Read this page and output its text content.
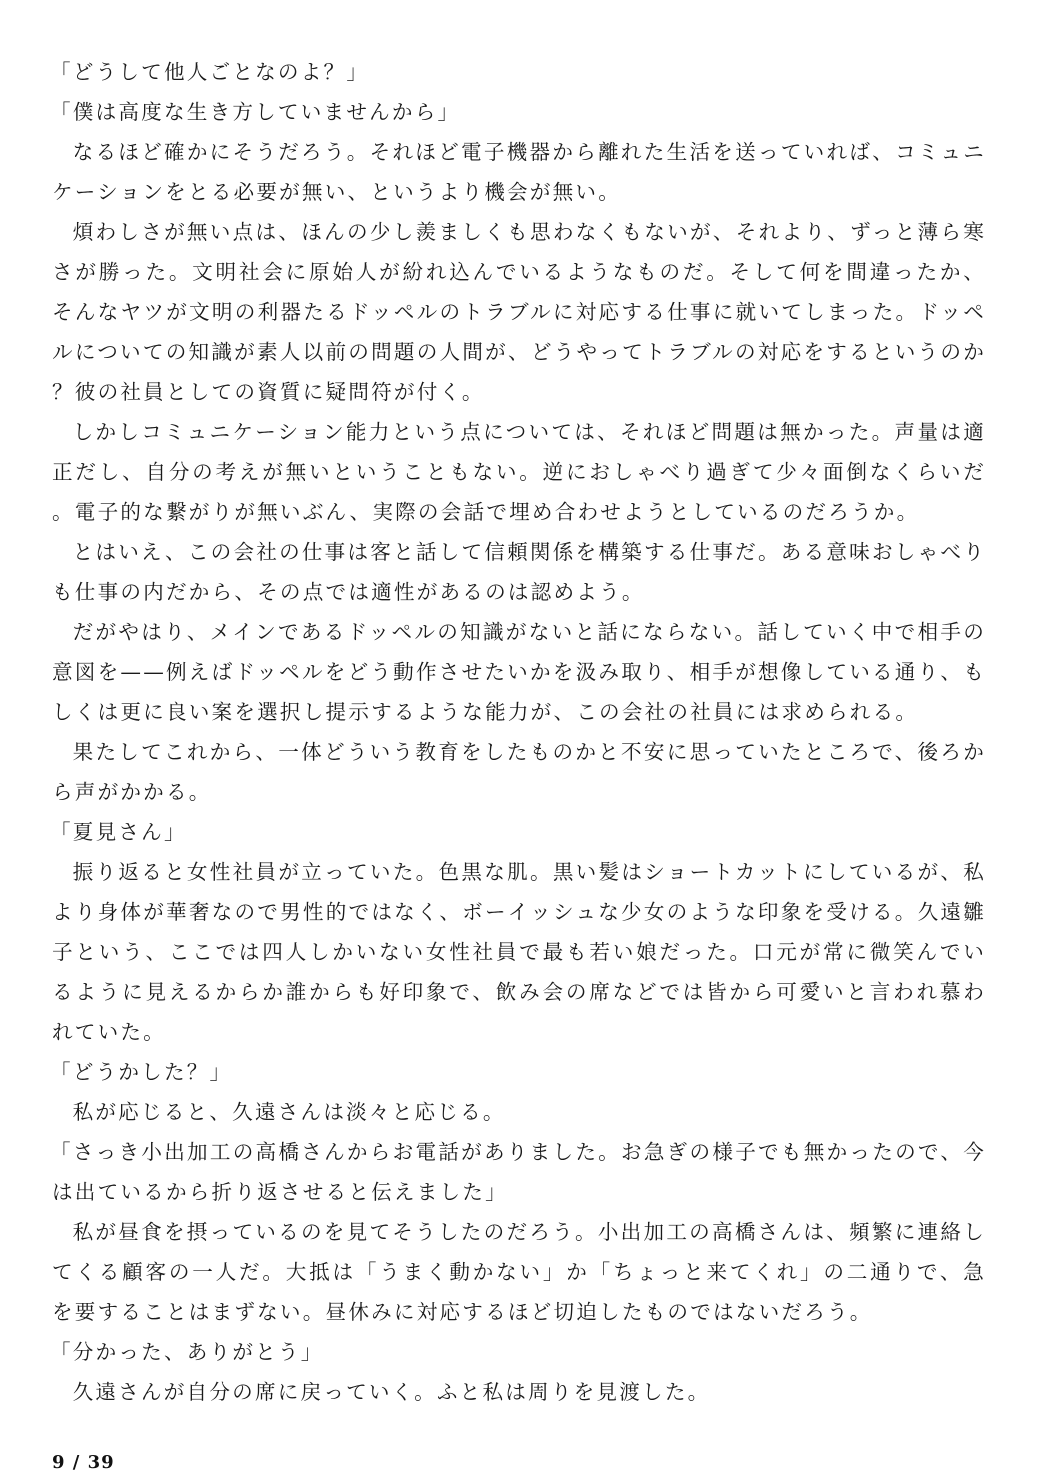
「どうして他人ごとなのよ？」

「僕は高度な生き方していませんから」

なるほど確かにそうだろう。それほど電子機器から離れた生活を送っていれば、コミュニケーションをとる必要が無い、というより機会が無い。

煩わしさが無い点は、ほんの少し羨ましくも思わなくもないが、それより、ずっと薄ら寒さが勝った。文明社会に原始人が紛れ込んでいるようなものだ。そして何を間違ったか、そんなヤツが文明の利器たるドッペルのトラブルに対応する仕事に就いてしまった。ドッペルについての知識が素人以前の問題の人間が、どうやってトラブルの対応をするというのか？彼の社員としての資質に疑問符が付く。

しかしコミュニケーション能力という点については、それほど問題は無かった。声量は適正だし、自分の考えが無いということもない。逆におしゃべり過ぎて少々面倒なくらいだ。電子的な繋がりが無いぶん、実際の会話で埋め合わせようとしているのだろうか。

とはいえ、この会社の仕事は客と話して信頼関係を構築する仕事だ。ある意味おしゃべりも仕事の内だから、その点では適性があるのは認めよう。

だがやはり、メインであるドッペルの知識がないと話にならない。話していく中で相手の意図を——例えばドッペルをどう動作させたいかを汲み取り、相手が想像している通り、もしくは更に良い案を選択し提示するような能力が、この会社の社員には求められる。

果たしてこれから、一体どういう教育をしたものかと不安に思っていたところで、後ろから声がかかる。

「夏見さん」

振り返ると女性社員が立っていた。色黒な肌。黒い髪はショートカットにしているが、私より身体が華奢なので男性的ではなく、ボーイッシュな少女のような印象を受ける。久遠雛子という、ここでは四人しかいない女性社員で最も若い娘だった。口元が常に微笑んでいるように見えるからか誰からも好印象で、飲み会の席などでは皆から可愛いと言われ慕われていた。

「どうかした？」

私が応じると、久遠さんは淡々と応じる。

「さっき小出加工の高橋さんからお電話がありました。お急ぎの様子でも無かったので、今は出ているから折り返させると伝えました」

私が昼食を摂っているのを見てそうしたのだろう。小出加工の高橋さんは、頻繁に連絡してくる顧客の一人だ。大抵は「うまく動かない」か「ちょっと来てくれ」の二通りで、急を要することはまずない。昼休みに対応するほど切迫したものではないだろう。

「分かった、ありがとう」

久遠さんが自分の席に戻っていく。ふと私は周りを見渡した。

9 / 39
